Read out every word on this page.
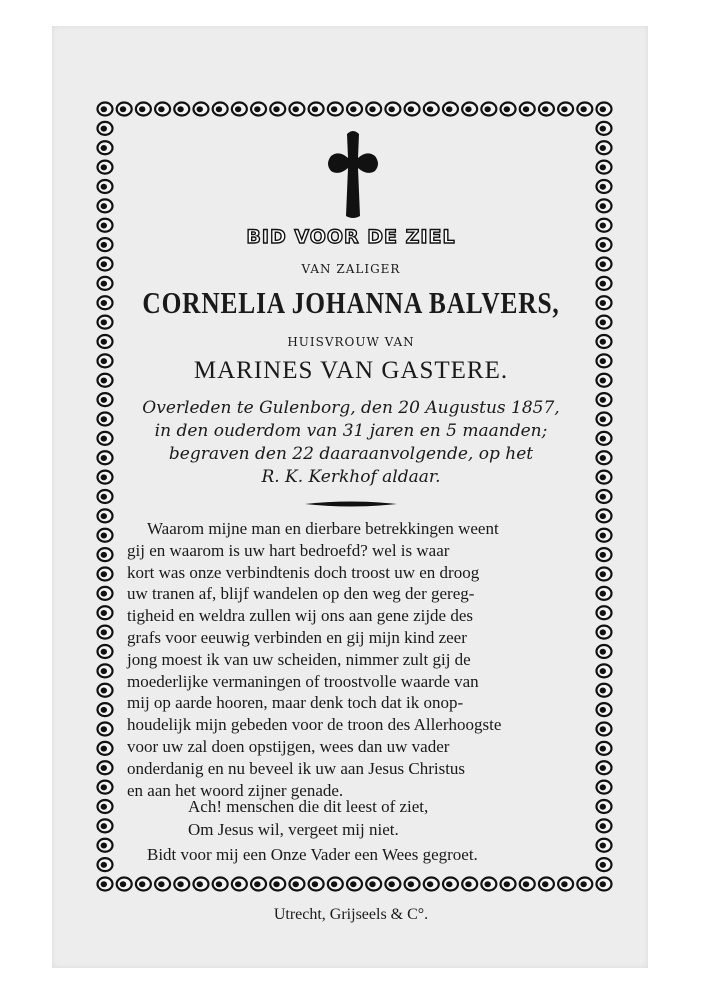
BID VOOR DE ZIEL
VAN ZALIGER
CORNELIA JOHANNA BALVERS,
HUISVROUW VAN
MARINES VAN GASTERE.
Overleden te Gulenborg, den 20 Augustus 1857,
in den ouderdom van 31 jaren en 5 maanden;
begraven den 22 daaraanvolgende, op het
R. K. Kerkhof aldaar.
Waarom mijne man en dierbare betrekkingen weent
gij en waarom is uw hart bedroefd? wel is waar
kort was onze verbindtenis doch troost uw en droog
uw tranen af, blijf wandelen op den weg der gereg-
tigheid en weldra zullen wij ons aan gene zijde des
grafs voor eeuwig verbinden en gij mijn kind zeer
jong moest ik van uw scheiden, nimmer zult gij de
moederlijke vermaningen of troostvolle waarde van
mij op aarde hooren, maar denk toch dat ik onop-
houdelijk mijn gebeden voor de troon des Allerhoogste
voor uw zal doen opstijgen, wees dan uw vader
onderdanig en nu beveel ik uw aan Jesus Christus
en aan het woord zijner genade.
Ach! menschen die dit leest of ziet,
Om Jesus wil, vergeet mij niet.
Bidt voor mij een Onze Vader een Wees gegroet.
Utrecht, Grijseels & C°.
